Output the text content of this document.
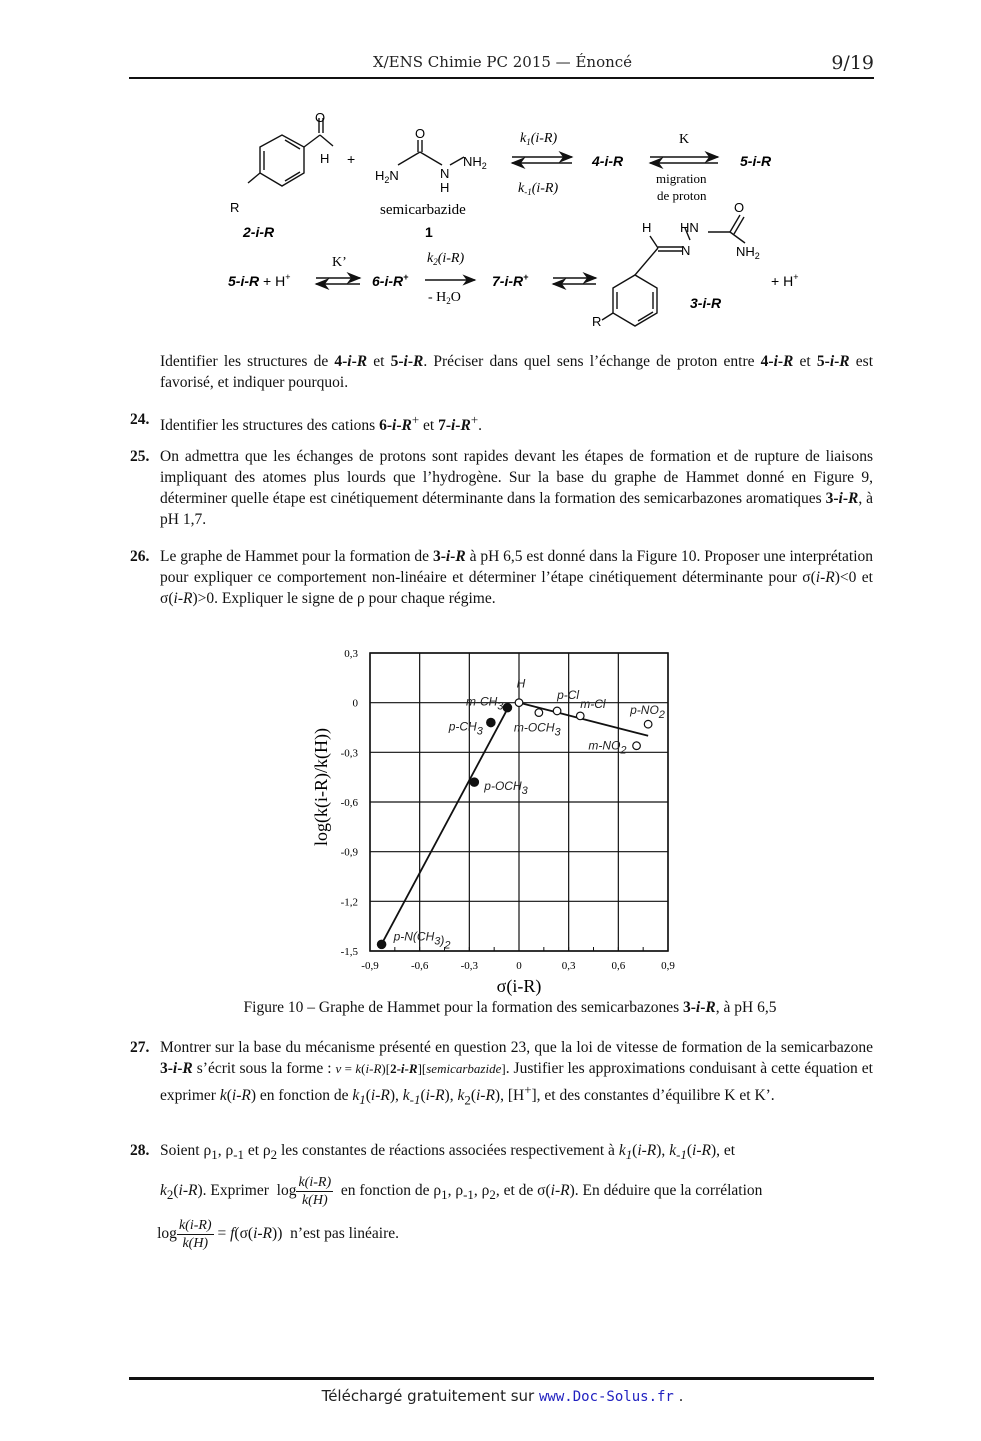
X/ENS Chimie PC 2015 — Énoncé	9/19
O
H
R
2-i-R
+
O
$H_2N$	N
H
$NH_2$
semicarbazide
1
$k_1(i-R)$
$k_{-1}(i-R)$
4-i-R
K
migration
de proton
5-i-R
5-i-R + H+
K’
6-i-R+
$k_2(i-R)$
- $H_2O$
7-i-R+
H HN
N
O
$NH_2$
R
3-i-R
+ H+
Identifier les structures de 4-i-R et 5-i-R. Préciser dans quel sens l’échange de proton entre 4-i-R et 5-i-R est favorisé, et indiquer pourquoi.
24. Identifier les structures des cations 6-i-R+ et 7-i-R+.
25. On admettra que les échanges de protons sont rapides devant les étapes de formation et de rupture de liaisons impliquant des atomes plus lourds que l’hydrogène. Sur la base du graphe de Hammet donné en Figure 9, déterminer quelle étape est cinétiquement déterminante dans la formation des semicarbazones aromatiques 3-i-R, à pH 1,7.
26. Le graphe de Hammet pour la formation de 3-i-R à pH 6,5 est donné dans la Figure 10. Proposer une interprétation pour expliquer ce comportement non-linéaire et déterminer l’étape cinétiquement déterminante pour σ(i-R)<0 et σ(i-R)>0. Expliquer le signe de ρ pour chaque régime.
-0,9	-0,6	-0,3	0	0,3	0,6	0,9
0,3
0
-0,3
-0,6
-0,9
-1,2
-1,5
σ(i-R)
log(k(i-R)/k(H))
p-N(CH3)2
p-OCH3
p-CH3
m-CH3
H
m-OCH3
p-Cl
m-Cl
m-NO2
p-NO2
Figure 10 – Graphe de Hammet pour la formation des semicarbazones 3-i-R, à pH 6,5
27. Montrer sur la base du mécanisme présenté en question 23, que la loi de vitesse de formation de la semicarbazone 3-i-R s’écrit sous la forme : v = k(i-R)[2-i-R][semicarbazide]. Justifier les approximations conduisant à cette équation et exprimer k(i-R) en fonction de $k_1(i-R)$, $k_{-1}(i-R)$, $k_2(i-R)$, [H+], et des constantes d’équilibre K et K’.
28. Soient $\rho_1$, $\rho_{-1}$ et $\rho_2$ les constantes de réactions associées respectivement à $k_1(i-R)$, $k_{-1}(i-R)$, et
$k_2(i-R)$. Exprimer  $\log \frac{k(i-R)}{k(H)}$ en fonction de $\rho_1$, $\rho_{-1}$, $\rho_2$, et de σ(i-R). En déduire que la corrélation
$\log \frac{k(i-R)}{k(H)} = f(\sigma(i-R))$  n’est pas linéaire.
Téléchargé gratuitement sur www.Doc-Solus.fr .
